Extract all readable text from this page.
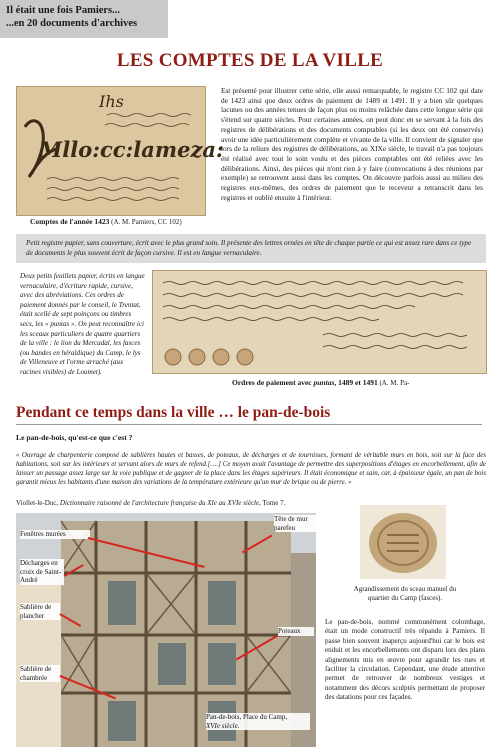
Il était une fois Pamiers...
...en 20 documents d'archives
LES COMPTES DE LA VILLE
Ihs
Mllo:cc:lameza:
Comptes de l'année 1423 (A. M. Pamiers, CC 102)
Est présenté pour illustrer cette série, elle aussi remarquable, le registre CC 102 qui date de 1423 ainsi que deux ordres de paiement de 1489 et 1491. Il y a bien sûr quelques lacunes ou des années tenues de façon plus ou moins relâchée dans cette longue série qui s'étend sur quatre siècles. Pour certaines années, on peut donc en se servant à la fois des registres de délibérations et des documents comptables (si les deux ont été conservés) avoir une idée particulièrement complète et vivante de la ville. Il convient de signaler que lors de la reliure des registres de délibérations, au XIXe siècle, le travail n'a pas toujours été réalisé avec tout le soin voulu et des pièces comptables ont été reliées avec les délibérations. Ainsi, des pièces qui n'ont rien à y faire (convocations à des réunions par exemple) se retrouvent aussi dans les comptes. On découvre parfois aussi au milieu des registres eux-mêmes, des ordres de paiement que le receveur a retranscrit dans les registres et oublié ensuite à l'intérieur.
Petit registre papier, sans couverture, écrit avec le plus grand soin. Il présente des lettres ornées en tête de chaque partie ce qui est assez rare dans ce type de documents le plus souvent écrit de façon cursive. Il est en langue vernaculaire.
Deux petits feuillets papier, écrits en langue vernaculaire, d'écriture rapide, cursive, avec des abréviations. Ces ordres de paiement donnés par le conseil, le Trentat, était scellé de sept poinçons ou timbres secs, les « puntas ». On peut reconnaître ici les sceaux particuliers de quatre quartiers de la ville : le lion du Mercadal, les fasces (ou bandes en héraldique) du Camp, le lys de Villeneuve et l'orme arraché (aux racines visibles) de Loumet).
Ordres de paiement avec puntas, 1489 et 1491 (A. M. Pa-
Pendant ce temps dans la ville … le pan-de-bois
Le pan-de-bois, qu'est-ce que c'est ?
« Ouvrage de charpenterie composé de sablières hautes et basses, de poteaux, de décharges et de tournisses, formant de véritable murs en bois, soit sur la face des habitations, soit sur les intérieurs et servant alors de murs de refend.[….] Ce moyen avait l'avantage de permettre des superpositions d'étages en encorbellement, afin de laisser un passage assez large sur la voie publique et de gagner de la place dans les étages supérieurs. Il était économique et sain, car, à épaisseur égale, un pan de bois garantit mieux les habitants d'une maison des variations de la température extérieure qu'un mur de brique ou de pierre. »
Viollet-le-Duc, Dictionnaire raisonné de l'architecture française du XIe au XVIe siècle, Tome 7.
Fenêtres murées
Tête de mur parefeu
Décharges en croix de Saint-André
Sablière de plancher
Poteaux
Sablière de chambrée
Pan-de-bois, Place du Camp,
XVIe siècle.
Agrandissement du sceau manuel du quartier du Camp (fasces).
Le pan-de-bois, nommé communément colombage, était un mode constructif très répandu à Pamiers. Il passe bien souvent inaperçu aujourd'hui car le bois est enduit et les encorbellements ont disparu lors des plans alignements mis en œuvre pour agrandir les rues et faciliter la circulation. Cependant, une étude attentive permet de retrouver de nombreux vestiges et notamment des décors sculptés permettant de proposer des datations pour ces façades.
